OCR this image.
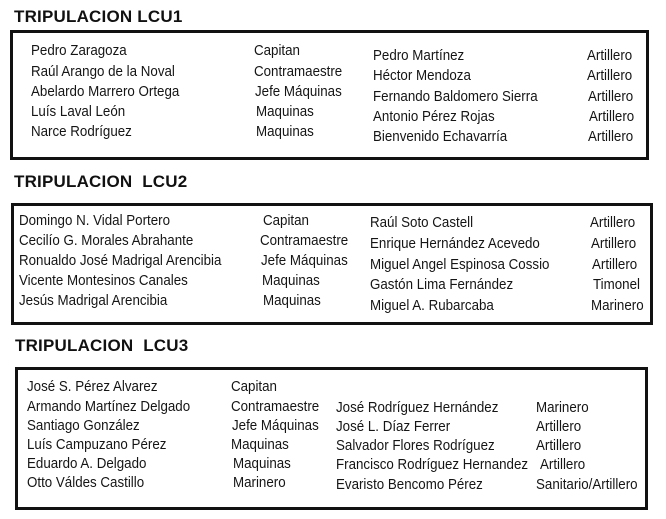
TRIPULACION LCU1
Pedro Zaragoza	Capitan
Raúl Arango de la Noval	Contramaestre
Abelardo Marrero Ortega	Jefe Máquinas
Luís Laval León	Maquinas
Narce Rodríguez	Maquinas
Pedro Martínez	Artillero
Héctor Mendoza	Artillero
Fernando Baldomero Sierra	Artillero
Antonio Pérez Rojas	Artillero
Bienvenido Echavarría	Artillero
TRIPULACION  LCU2
Domingo N. Vidal Portero	Capitan
Cecilío G. Morales Abrahante	Contramaestre
Ronualdo José Madrigal Arencibia	Jefe Máquinas
Vicente Montesinos Canales	Maquinas
Jesús Madrigal Arencibia	Maquinas
Raúl Soto Castell	Artillero
Enrique Hernández Acevedo	Artillero
Miguel Angel Espinosa Cossio	Artillero
Gastón Lima Fernández	Timonel
Miguel A. Rubarcaba	Marinero
TRIPULACION  LCU3
José S. Pérez Alvarez	Capitan
Armando Martínez Delgado	Contramaestre
Santiago González	Jefe Máquinas
Luís Campuzano Pérez	Maquinas
Eduardo A. Delgado	Maquinas
Otto Váldes Castillo	Marinero
José Rodríguez Hernández	Marinero
José L. Díaz Ferrer	Artillero
Salvador Flores Rodríguez	Artillero
Francisco Rodríguez Hernandez Artillero
Evaristo Bencomo Pérez	Sanitario/Artillero
